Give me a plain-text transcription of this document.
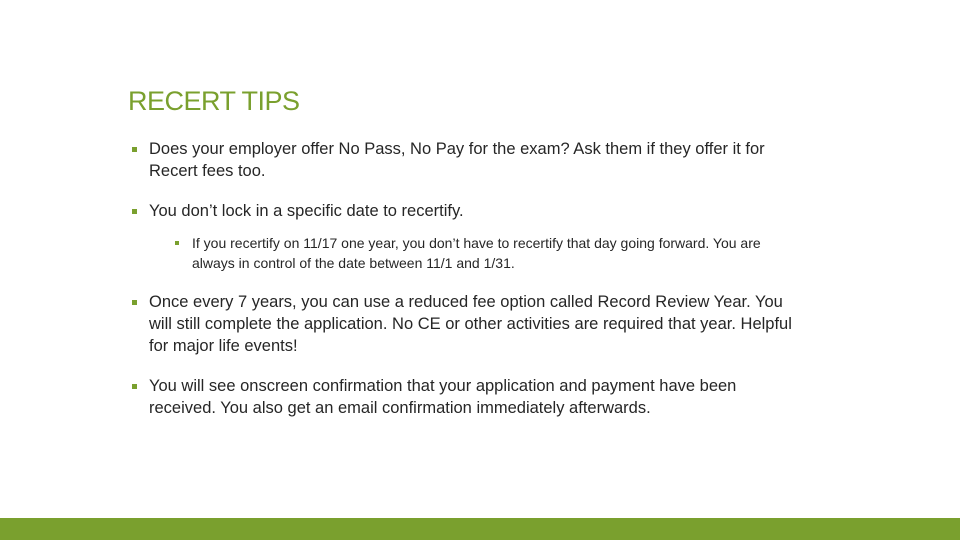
RECERT TIPS
Does your employer offer No Pass, No Pay for the exam? Ask them if they offer it for Recert fees too.
You don’t lock in a specific date to recertify.
If you recertify on 11/17 one year, you don’t have to recertify that day going forward. You are always in control of the date between 11/1 and 1/31.
Once every 7 years, you can use a reduced fee option called Record Review Year. You will still complete the application. No CE or other activities are required that year. Helpful for major life events!
You will see onscreen confirmation that your application and payment have been received. You also get an email confirmation immediately afterwards.
